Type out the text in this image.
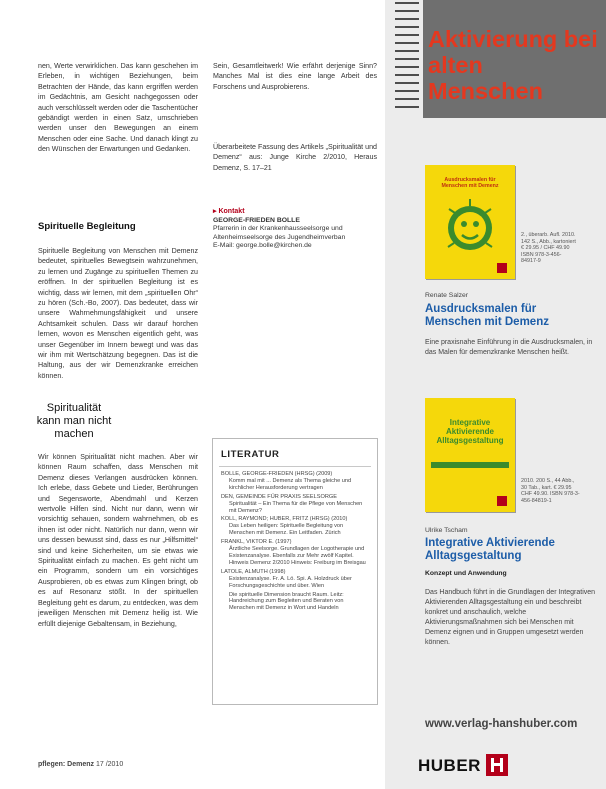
nen, Werte verwirklichen. Das kann geschehen im Erleben, in wichtigen Beziehungen, beim Betrachten der Hände, das kann ergriffen werden im Gedächtnis, am Gesicht nachgegossen oder auch verschlüsselt werden oder die Taschentücher gebändigt werden in einen Satz, umschrieben werden unser den Bewegungen an einem Menschen oder eine Sache. Und danach klingt zu den Wünschen der Erwartungen und Gedanken.

Spirituelle Begleitung

Spirituelle Begleitung von Menschen mit Demenz bedeutet, spirituelles Bewegtsein wahrzunehmen, zu lernen und Zugänge zu spirituellen Themen zu eröffnen. In der spirituellen Begleitung ist es wichtig, dass wir lernen, mit dem „spirituellen Ohr“ zu hören (Sch.-Bo, 2007). Das bedeutet, dass wir unsere Wahrnehmungsfähigkeit und unsere Achtsamkeit schulen. Dass wir darauf horchen lernen, wovon es Menschen eigentlich geht, was unser Gegenüber im Innern bewegt und was das wir ihm mit Wertschätzung begegnen. Das ist die Haltung, aus der wir Demenzkranke erreichen können.

Spiritualität kann man nicht machen

Wir können Spiritualität nicht machen. Aber wir können Raum schaffen, dass Menschen mit Demenz dieses Verlangen ausdrücken können. Ich erlebe, dass Gebete und Lieder, Berührungen und Segensworte, Abendmahl und Kerzen wertvolle Hilfen sind. Nicht nur dann, wenn wir vorsichtig sehauen, sondern wahrnehmen, ob es ihnen ist oder nicht. Natürlich nur dann, wenn wir uns dessen bewusst sind, dass es nur „Hilfsmittel“ sind und keine Sicherheiten, um sie etwas wie Spiritualität einfach zu machen. Es geht nicht um ein Programm, sondern um ein vorsichtiges Ausprobieren, ob es etwas zum Klingen bringt, ob es auf Resonanz stößt. In der spirituellen Begleitung geht es darum, zu entdecken, was dem jeweiligen Menschen mit Demenz heilig ist. Wie erfüllt diejenige Gebaltensam, in Beziehung,

Sein, Gesamtleitwerk! Wie erfährt derjenige Sinn? Manches Mal ist dies eine lange Arbeit des Forschens und Ausprobierens.

Überarbeitete Fassung des Artikels „Spiritualität und Demenz“ aus: Junge Kirche 2/2010, Heraus Demenz, S. 17–21

▸ Kontakt
GEORGE-FRIEDEN BOLLE
Pfarrerin in der Krankenhausseelsorge und
Altenheimseelsorge des Jugendheimverban
E-Mail: george.bolle@kirchen.de
LITERATUR
BOLLE, GEORGE-FRIEDEN (HRSG) (2009)
Komm mal mit ... Demenz als Thema gleiche und kirchlicher Herausforderung vertragen
DEN, GEMEINDE FÜR PRAXIS SEELSORGE
Spiritualität – Ein Thema für die Pflege von Menschen mit Demenz?
KOLL, RAYMOND; HUBER, FRITZ (HRSG) (2010)
Das Leben heiligen: Spirituelle Begleitung von Menschen mit Demenz. Ein Leitfaden. Zürich
FRANKL, VIKTOR E. (1997)
Ärztliche Seelsorge. Grundlagen der Logotherapie und Existenzanalyse. Ebenfalls zur Mehr zwölf Kapitel. Hinweis Demenz 2/2010 Hinweis: Freiburg im Breisgau
LATOLE, ALMUTH (1998)
Existenzanalyse. Fr. A. Lö. Spi. A. Holzdruck über Forschungsgeschichte und über. Wien
Die spirituelle Dimension braucht Raum. Leitz: Handreichung zum Begleiten und Beraten von Menschen mit Demenz in Wort und Handeln
pflegen: Demenz 17 /2010
Aktivierung bei alten Menschen
Ausdrucksmalen für Menschen mit Demenz
2., überarb. Aufl. 2010.
142 S., Abb., kartoniert
€ 29.95 / CHF 49.90
ISBN 978-3-456-
84917-9
Renate Salzer
Ausdrucksmalen für Menschen mit Demenz
Eine praxisnahe Einführung in die Ausdrucksmalen, in das Malen für demenzkranke Menschen heißt.
Integrative Aktivierende Alltagsgestaltung
2010. 200 S., 44 Abb.,
30 Tab., kart. € 29.95
CHF 49.90. ISBN 978-3-
456-84819-1
Ulrike Tscham
Integrative Aktivierende Alltagsgestaltung
Konzept und Anwendung
Das Handbuch führt in die Grundlagen der Integrativen Aktivierenden Alltagsgestaltung ein und beschreibt konkret und anschaulich, welche Aktivierungsmaßnahmen sich bei Menschen mit Demenz eignen und in Gruppen umgesetzt werden können.
www.verlag-hanshuber.com
HUBER
